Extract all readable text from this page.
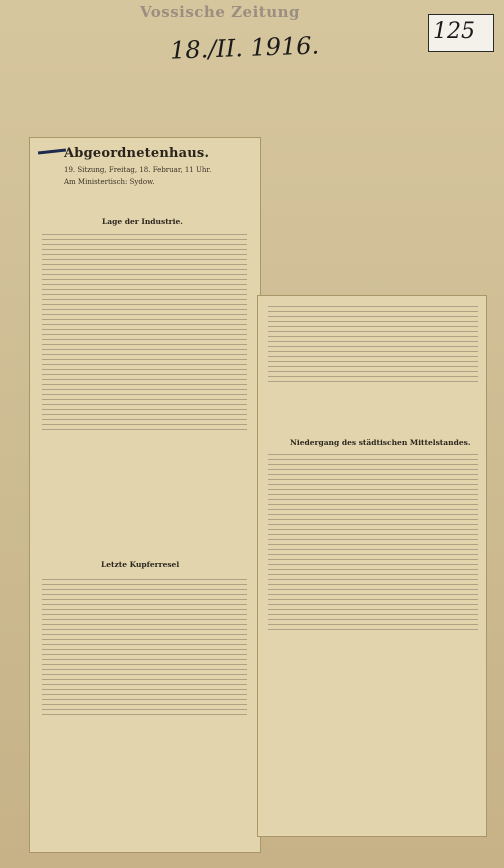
Vossische Zeitung
18./II. 1916.	125
Abgeordnetenhaus.
19. Sitzung, Freitag, 18. Februar, 11 Uhr.
Am Ministertisch: Sydow.
Lage der Industrie.
Letzte Kupferresel
Niedergang des städtischen Mittelstandes.
